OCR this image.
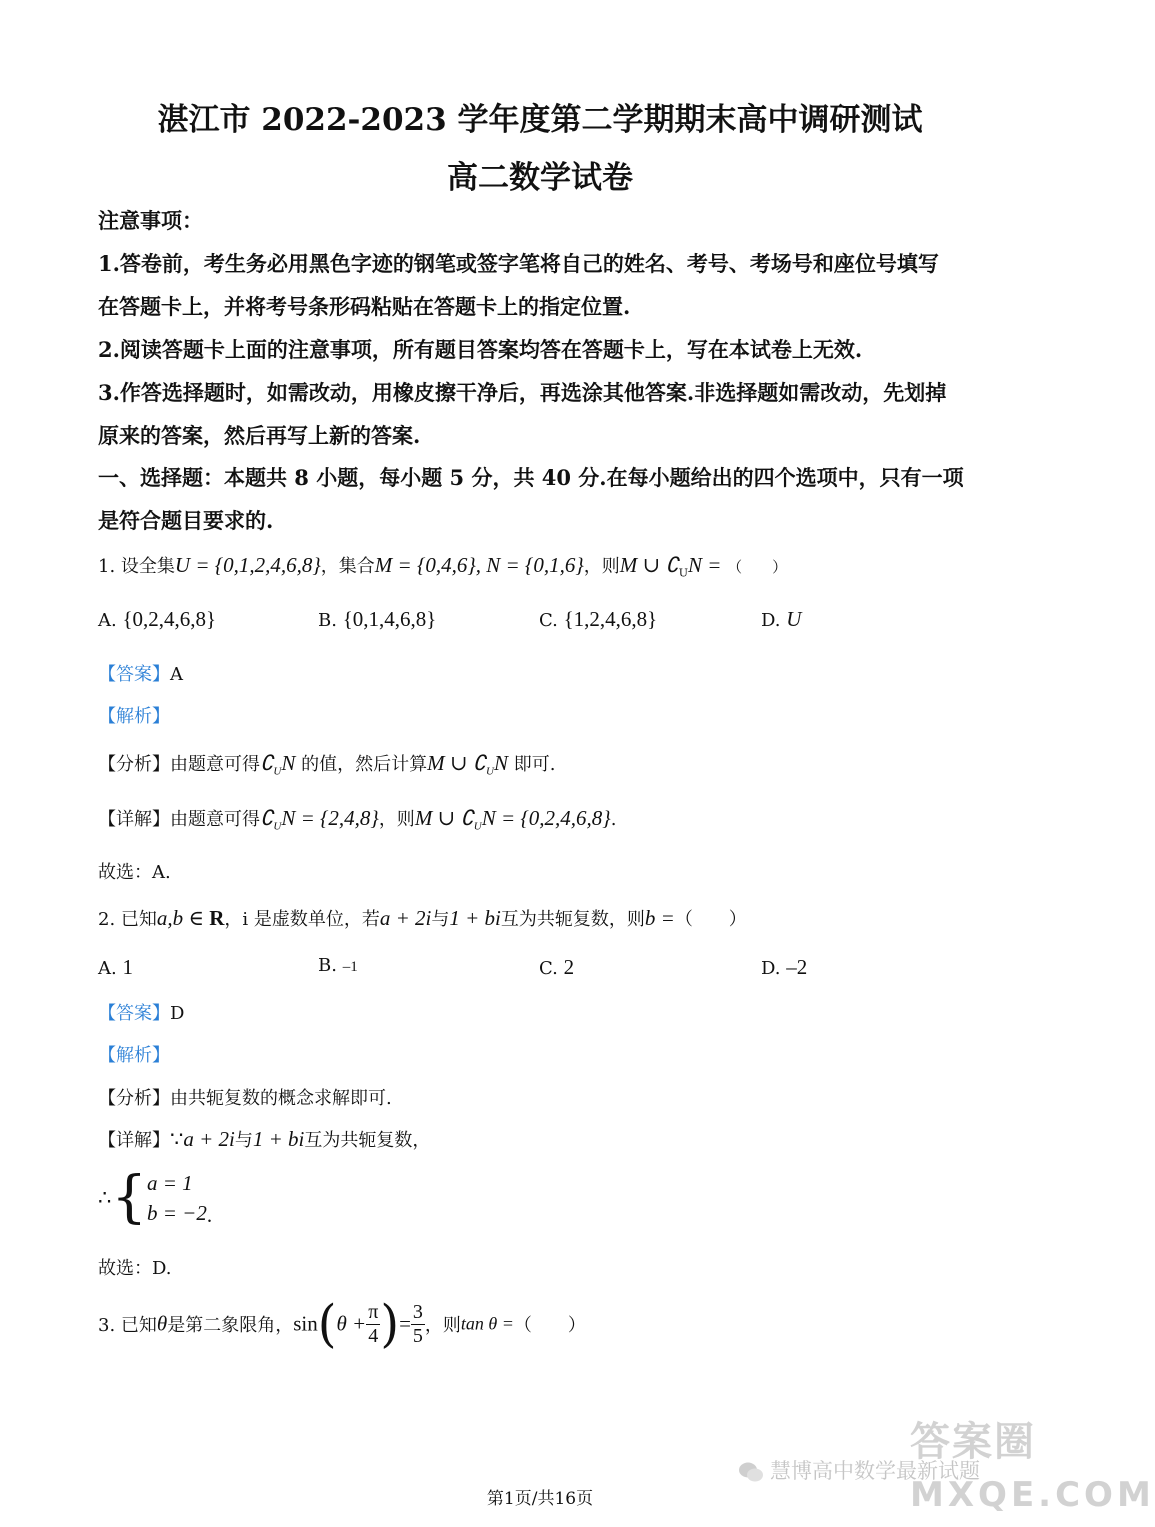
湛江市 2022-2023 学年度第二学期期末高中调研测试
高二数学试卷
注意事项：
1.答卷前，考生务必用黑色字迹的钢笔或签字笔将自己的姓名、考号、考场号和座位号填写
在答题卡上，并将考号条形码粘贴在答题卡上的指定位置.
2.阅读答题卡上面的注意事项，所有题目答案均答在答题卡上，写在本试卷上无效.
3.作答选择题时，如需改动，用橡皮擦干净后，再选涂其他答案.非选择题如需改动，先划掉
原来的答案，然后再写上新的答案.
一、选择题：本题共 8 小题，每小题 5 分，共 40 分.在每小题给出的四个选项中，只有一项
是符合题目要求的.
1. 设全集U = {0,1,2,4,6,8}，集合M = {0,4,6}, N = {0,1,6}，则M ∪ $∁_UN$ = （　　）
A. {0,2,4,6,8}	B. {0,1,4,6,8}	C. {1,2,4,6,8}	D. U
【答案】A
【解析】
【分析】由题意可得$∁_UN$ 的值，然后计算M ∪ $∁_UN$ 即可.
【详解】由题意可得$∁_UN = \{2,4,8\}$，则M ∪ $∁_UN = \{0,2,4,6,8\}$.
故选：A.
2. 已知a,b ∈ R，i 是虚数单位，若a + 2i与1 + bi互为共轭复数，则b =（　　）
A. 1	B. –1	C. 2	D. –2
【答案】D
【解析】
【分析】由共轭复数的概念求解即可.
【详解】∵a + 2i与1 + bi互为共轭复数，
∴{ a = 1
b = −2 .
故选：D.
3. 已知θ是第二象限角，$\sin(\theta + \frac{\pi}{4}$ )= $\frac{3}{5}$ ，则tan θ =（　　）
答案圈
MXQE.COM
慧博高中数学最新试题
第1页/共16页
